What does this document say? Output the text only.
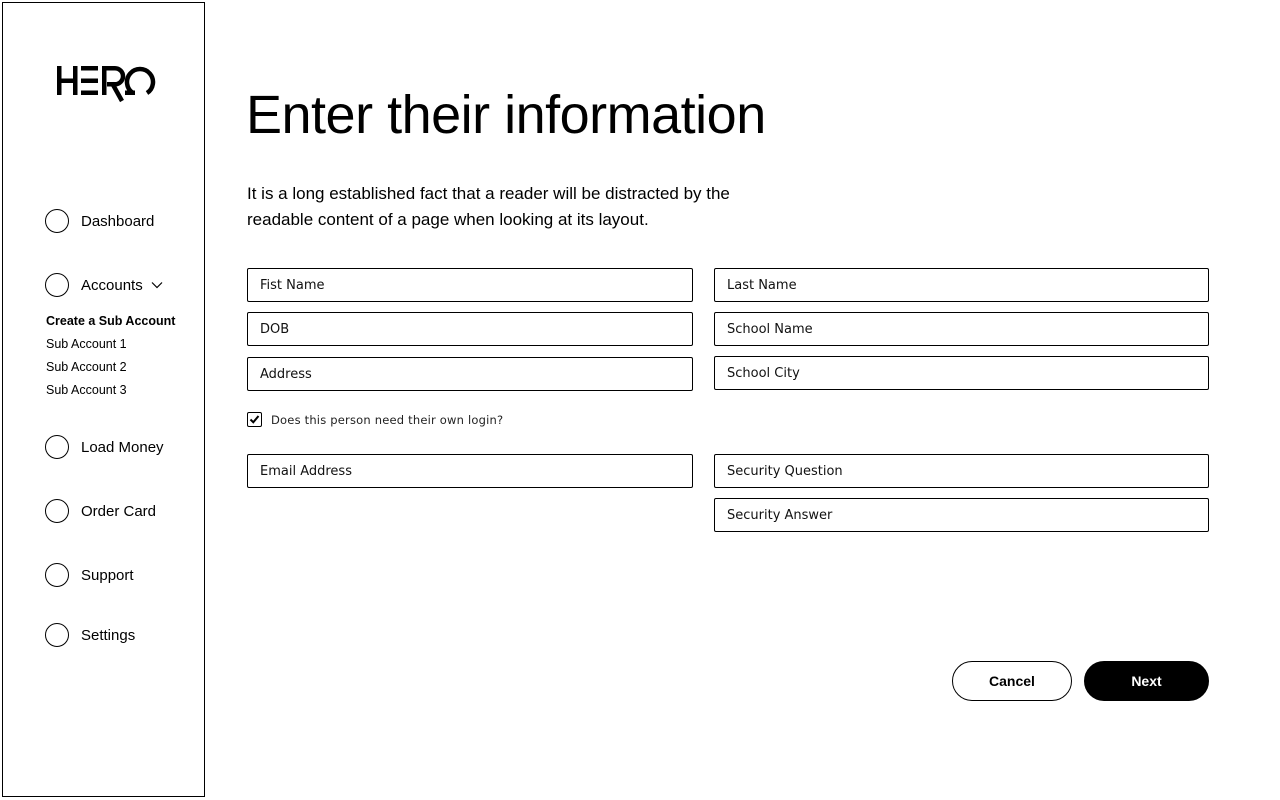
Dashboard
Accounts
Create a Sub Account
Sub Account 1
Sub Account 2
Sub Account 3
Load Money
Order Card
Support
Settings
Enter their information

It is a long established fact that a reader will be distracted by the readable content of a page when looking at its layout.

Fist Name
Last Name
DOB
School Name
Address
School City
Does this person need their own login?
Email Address
Security Question
Security Answer
Cancel	Next
